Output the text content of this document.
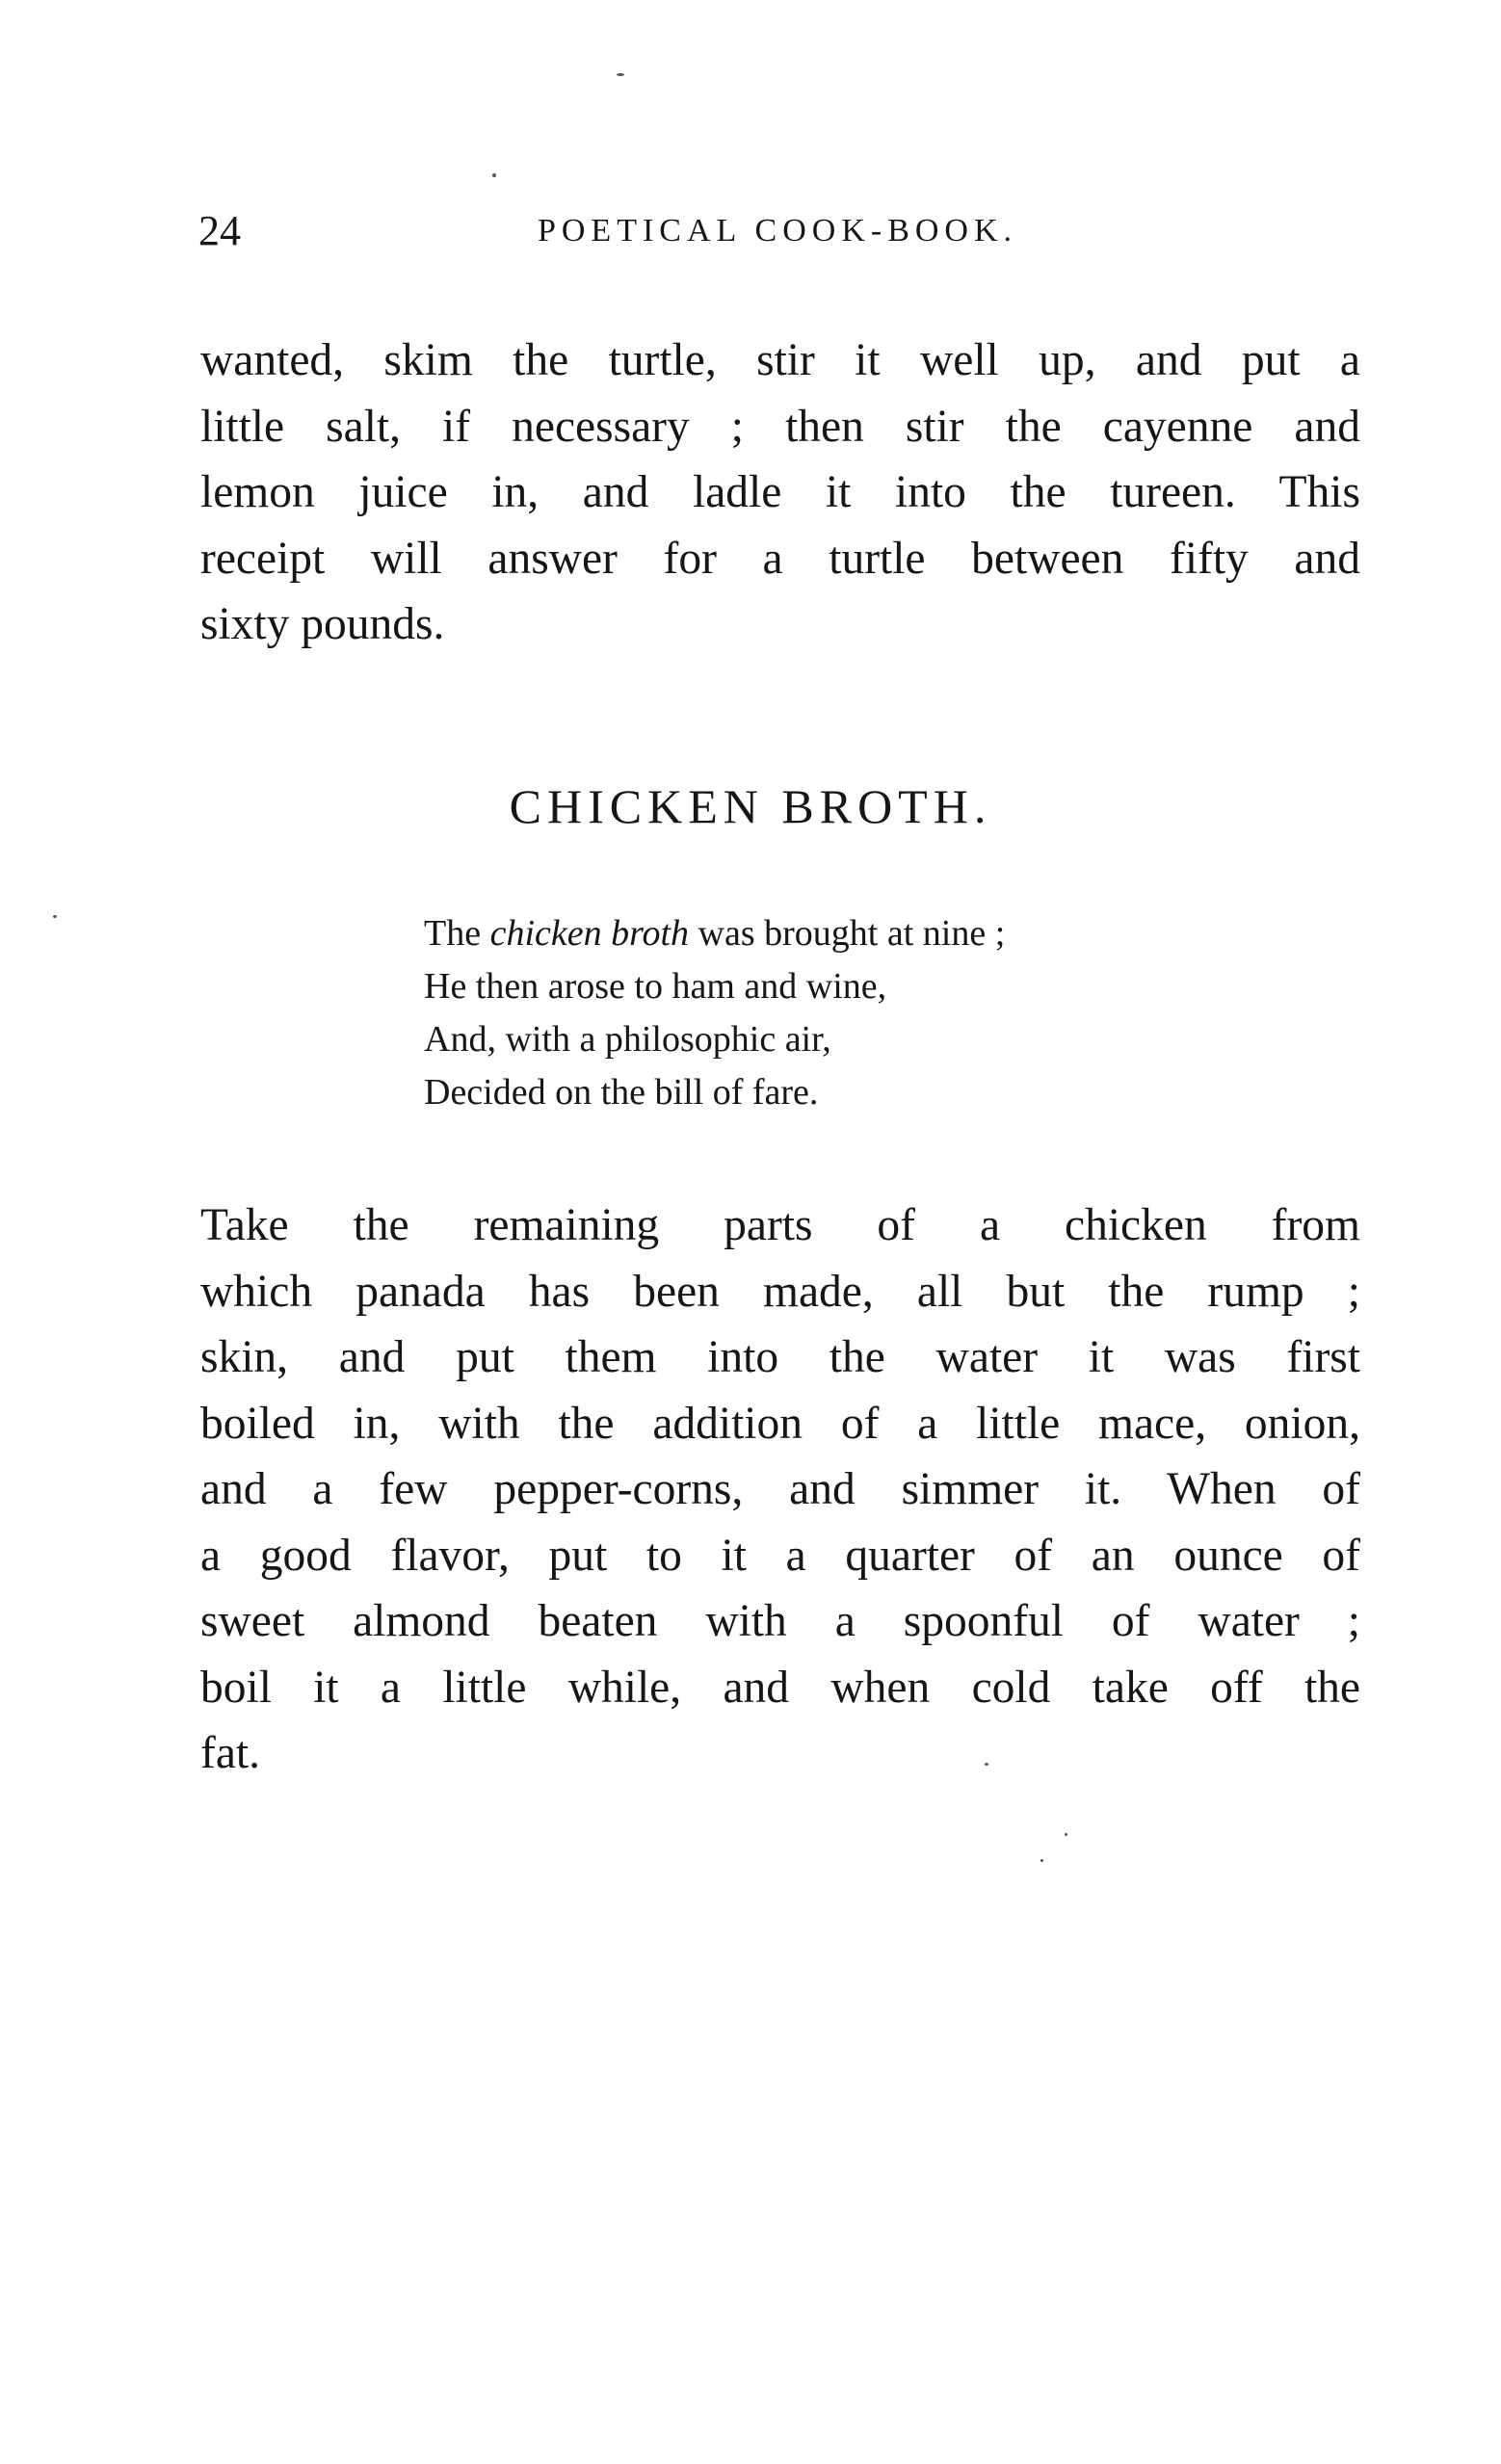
24	POETICAL COOK-BOOK.

wanted, skim the turtle, stir it well up, and put a
little salt, if necessary ; then stir the cayenne and
lemon juice in, and ladle it into the tureen. This
receipt will answer for a turtle between fifty and
sixty pounds.

CHICKEN BROTH.
The chicken broth was brought at nine ;
He then arose to ham and wine,
And, with a philosophic air,
Decided on the bill of fare.

Take the remaining parts of a chicken from
which panada has been made, all but the rump ;
skin, and put them into the water it was first
boiled in, with the addition of a little mace, onion,
and a few pepper-corns, and simmer it. When of
a good flavor, put to it a quarter of an ounce of
sweet almond beaten with a spoonful of water ;
boil it a little while, and when cold take off the
fat.
